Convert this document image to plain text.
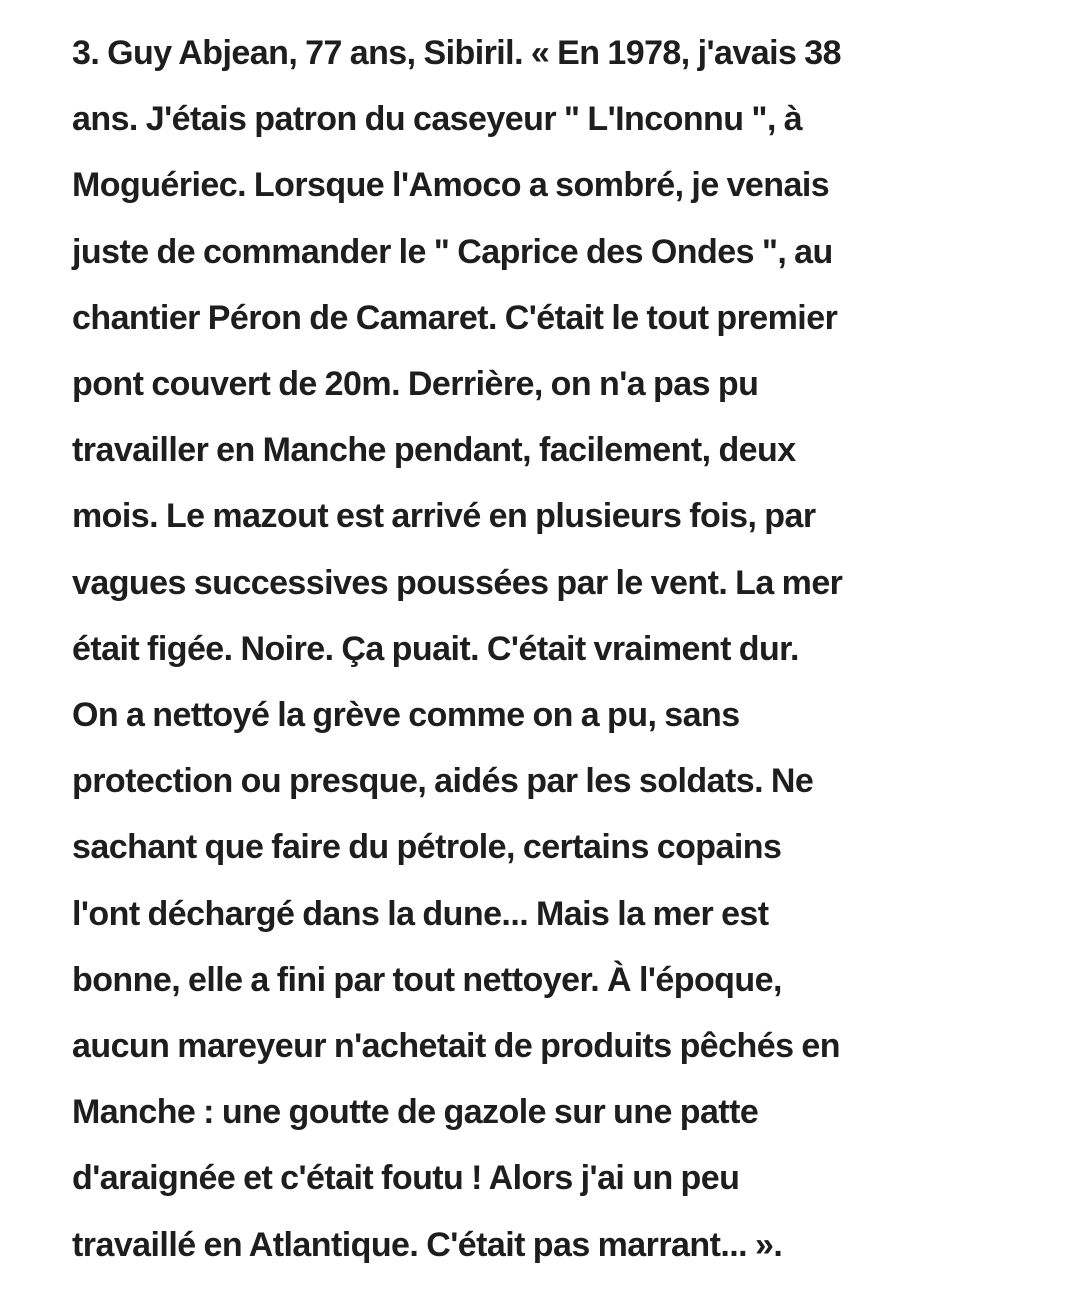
3. Guy Abjean, 77 ans, Sibiril. « En 1978, j'avais 38
ans. J'étais patron du caseyeur " L'Inconnu ", à
Moguériec. Lorsque l'Amoco a sombré, je venais
juste de commander le " Caprice des Ondes ", au
chantier Péron de Camaret. C'était le tout premier
pont couvert de 20m. Derrière, on n'a pas pu
travailler en Manche pendant, facilement, deux
mois. Le mazout est arrivé en plusieurs fois, par
vagues successives poussées par le vent. La mer
était figée. Noire. Ça puait. C'était vraiment dur.
On a nettoyé la grève comme on a pu, sans
protection ou presque, aidés par les soldats. Ne
sachant que faire du pétrole, certains copains
l'ont déchargé dans la dune... Mais la mer est
bonne, elle a fini par tout nettoyer. À l'époque,
aucun mareyeur n'achetait de produits pêchés en
Manche : une goutte de gazole sur une patte
d'araignée et c'était foutu ! Alors j'ai un peu
travaillé en Atlantique. C'était pas marrant... ».
